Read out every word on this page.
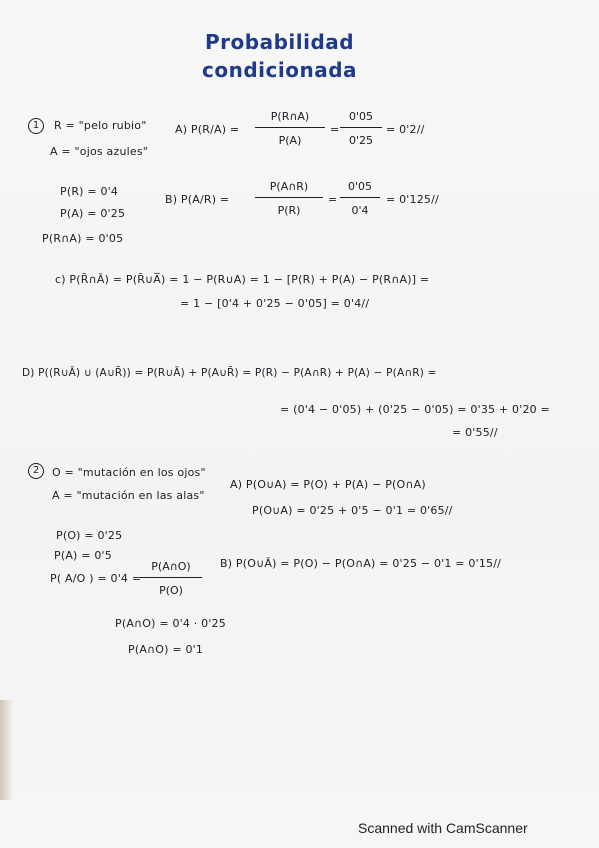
Probabilidad
condicionada
1	R = "pelo rubio"
A = "ojos azules"
P(R) = 0'4
P(A) = 0'25
P(R∩A) = 0'05
A) P(R/A) =
P(R∩A)
P(A)
=
0'05
0'25
= 0'2//
B) P(A/R) =
P(A∩R)
P(R)
=
0'05
0'4
= 0'125//
c) P(R̄∩Ā) = P(R̄∪A̅) = 1 − P(R∪A) = 1 − [P(R) + P(A) − P(R∩A)] =
= 1 − [0'4 + 0'25 − 0'05] = 0'4//
D) P((R∪Ā) ∪ (A∪R̄)) = P(R∪Ā) + P(A∪R̄) = P(R) − P(A∩R) + P(A) − P(A∩R) =
= (0'4 − 0'05) + (0'25 − 0'05) = 0'35 + 0'20 =
= 0'55//
2	O = "mutación en los ojos"
A = "mutación en las alas"
A) P(O∪A) = P(O) + P(A) − P(O∩A)
P(O∪A) = 0'25 + 0'5 − 0'1 = 0'65//
P(O) = 0'25
P(A) = 0'5
P( A/O ) = 0'4 =
P(A∩O)
P(O)
B) P(O∪Ā) = P(O) − P(O∩A) = 0'25 − 0'1 = 0'15//
P(A∩O) = 0'4 · 0'25
P(A∩O) = 0'1
Scanned with CamScanner
